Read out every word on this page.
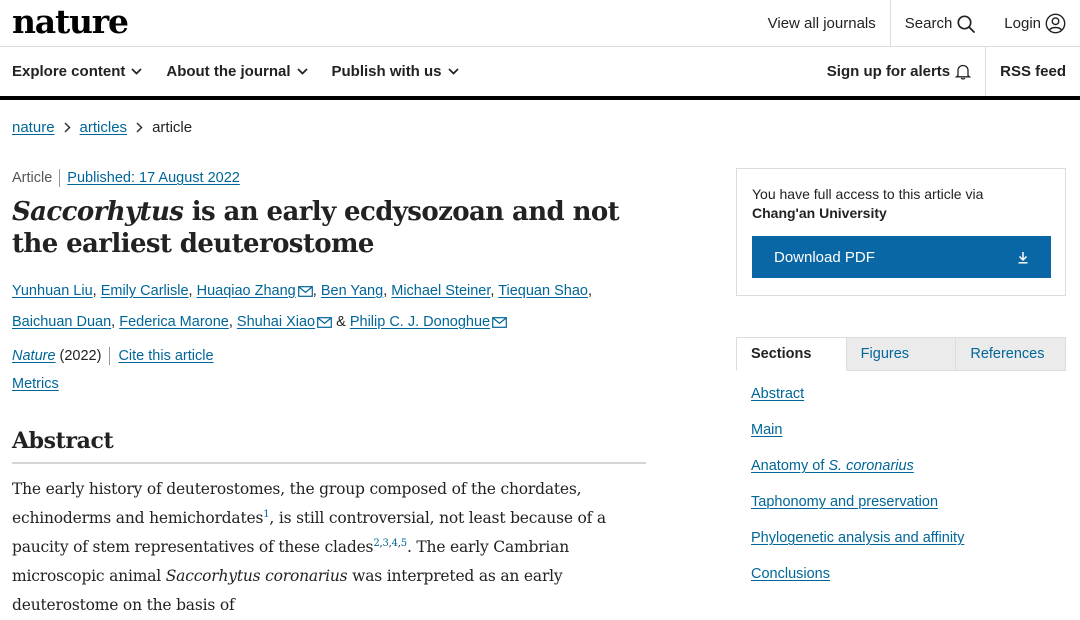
nature	View all journals Search	Login
Explore content	About the journal	Publish with us	Sign up for alerts	RSS feed
nature articles article
Article Published: 17 August 2022
Saccorhytus is an early ecdysozoan and not the earliest deuterostome
Yunhuan Liu, Emily Carlisle, Huaqiao Zhang , Ben Yang, Michael Steiner, Tiequan Shao, Baichuan Duan, Federica Marone, Shuhai Xiao & Philip C. J. Donoghue
Nature (2022) Cite this article
Metrics
Abstract

The early history of deuterostomes, the group composed of the chordates, echinoderms and hemichordates$^1$, is still controversial, not least because of a paucity of stem representatives of these clades$^{2,3,4,5}$. The early Cambrian microscopic animal Saccorhytus coronarius was interpreted as an early deuterostome on the basis of

You have full access to this article via
Chang'an University
Download PDF
Sections	Figures	References
Abstract
Main
Anatomy of S. coronarius
Taphonomy and preservation
Phylogenetic analysis and affinity
Conclusions
